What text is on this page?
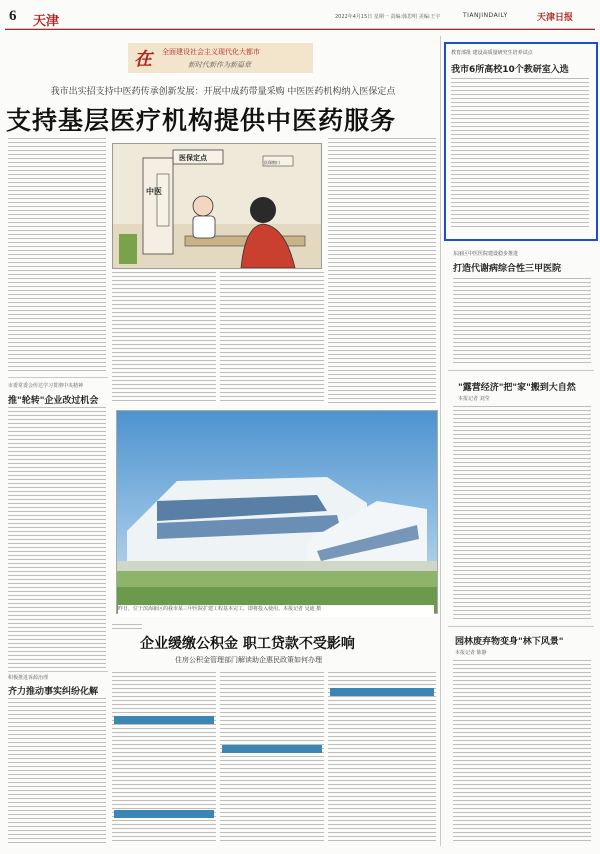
6 天津	2022年4月15日 星期一 责编:韩思明 美编:王宇	TIANJINDAILY	天津日报
在 全面建设社会主义现代化大都市
新时代新作为新篇章
我市出实招支持中医药传承创新发展：开展中成药带量采购 中医医药机构纳入医保定点
支持基层医疗机构提供中医药服务
市委常委会传达学习贯彻中央精神
推"轮转"企业改过机会
积极推进诉源治理
齐力推动事实纠纷化解
医保定点
中医
医保窗口
昨日，位于滨海新区的我市某三甲医院扩建工程基本完工，即将投入使用。本报记者 吴迪 摄
企业缓缴公积金 职工贷款不受影响
住房公积金管理部门解读助企惠民政策如何办理
教育部批 建设高质量研究生培养试点
我市6所高校10个教研室入选
东丽区中医医院建设稳步推进
打造代谢病综合性三甲医院
"露营经济"把"家"搬到大自然
本报记者 刘莹
园林废弃物变身"林下风景"
本报记者 陈静
